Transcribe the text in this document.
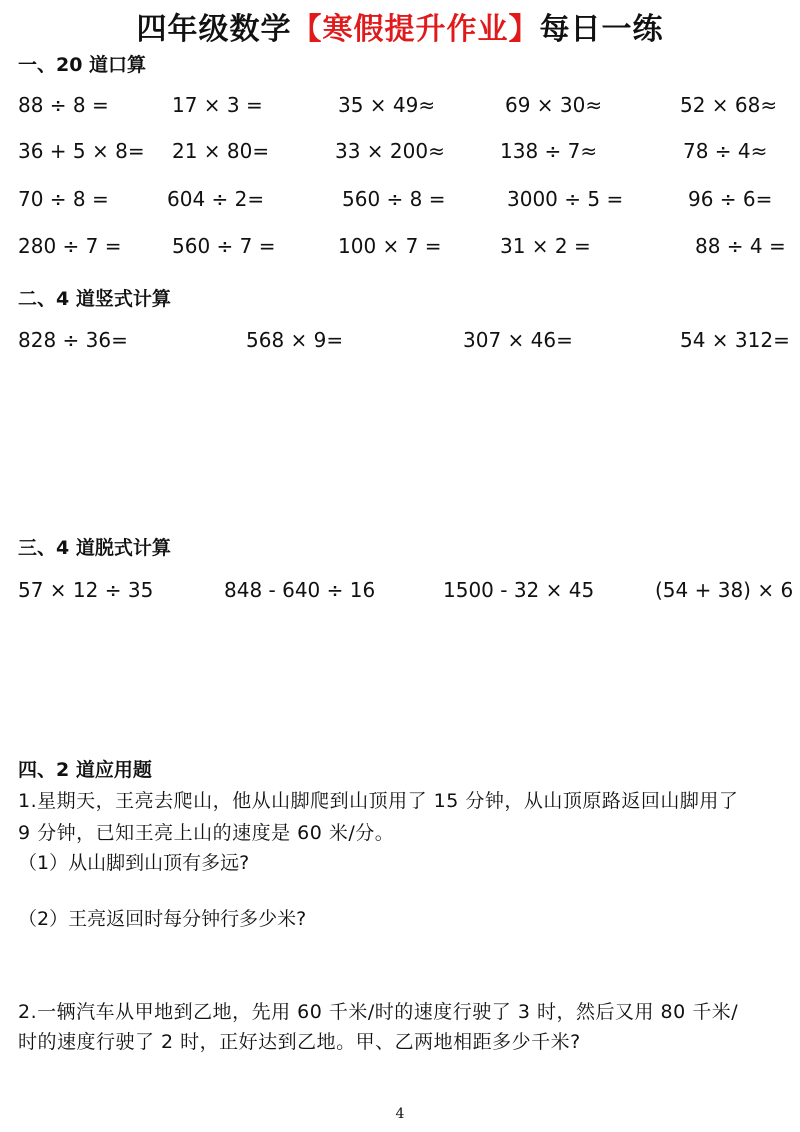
四年级数学【寒假提升作业】每日一练
一、20 道口算
88 ÷ 8 =	17 × 3 =	35 × 49≈	69 × 30≈	52 × 68≈
36 + 5 × 8= 21 × 80=	33 × 200≈	138 ÷ 7≈	78 ÷ 4≈
70 ÷ 8 =	604 ÷ 2=	560 ÷ 8 =	3000 ÷ 5 =	96 ÷ 6=
280 ÷ 7 =	560 ÷ 7 =	100 × 7 =	31 × 2 =	88 ÷ 4 =
二、4 道竖式计算
828 ÷ 36=	568 × 9=	307 × 46=	54 × 312=
三、4 道脱式计算
57 × 12 ÷ 35	848 - 640 ÷ 16	1500 - 32 × 45	(54 + 38) × 6
四、2 道应用题
1.星期天，王亮去爬山，他从山脚爬到山顶用了 15 分钟，从山顶原路返回山脚用了
9 分钟，已知王亮上山的速度是 60 米/分。
（1）从山脚到山顶有多远?
（2）王亮返回时每分钟行多少米?
2.一辆汽车从甲地到乙地，先用 60 千米/时的速度行驶了 3 时，然后又用 80 千米/
时的速度行驶了 2 时，正好达到乙地。甲、乙两地相距多少千米?
4
